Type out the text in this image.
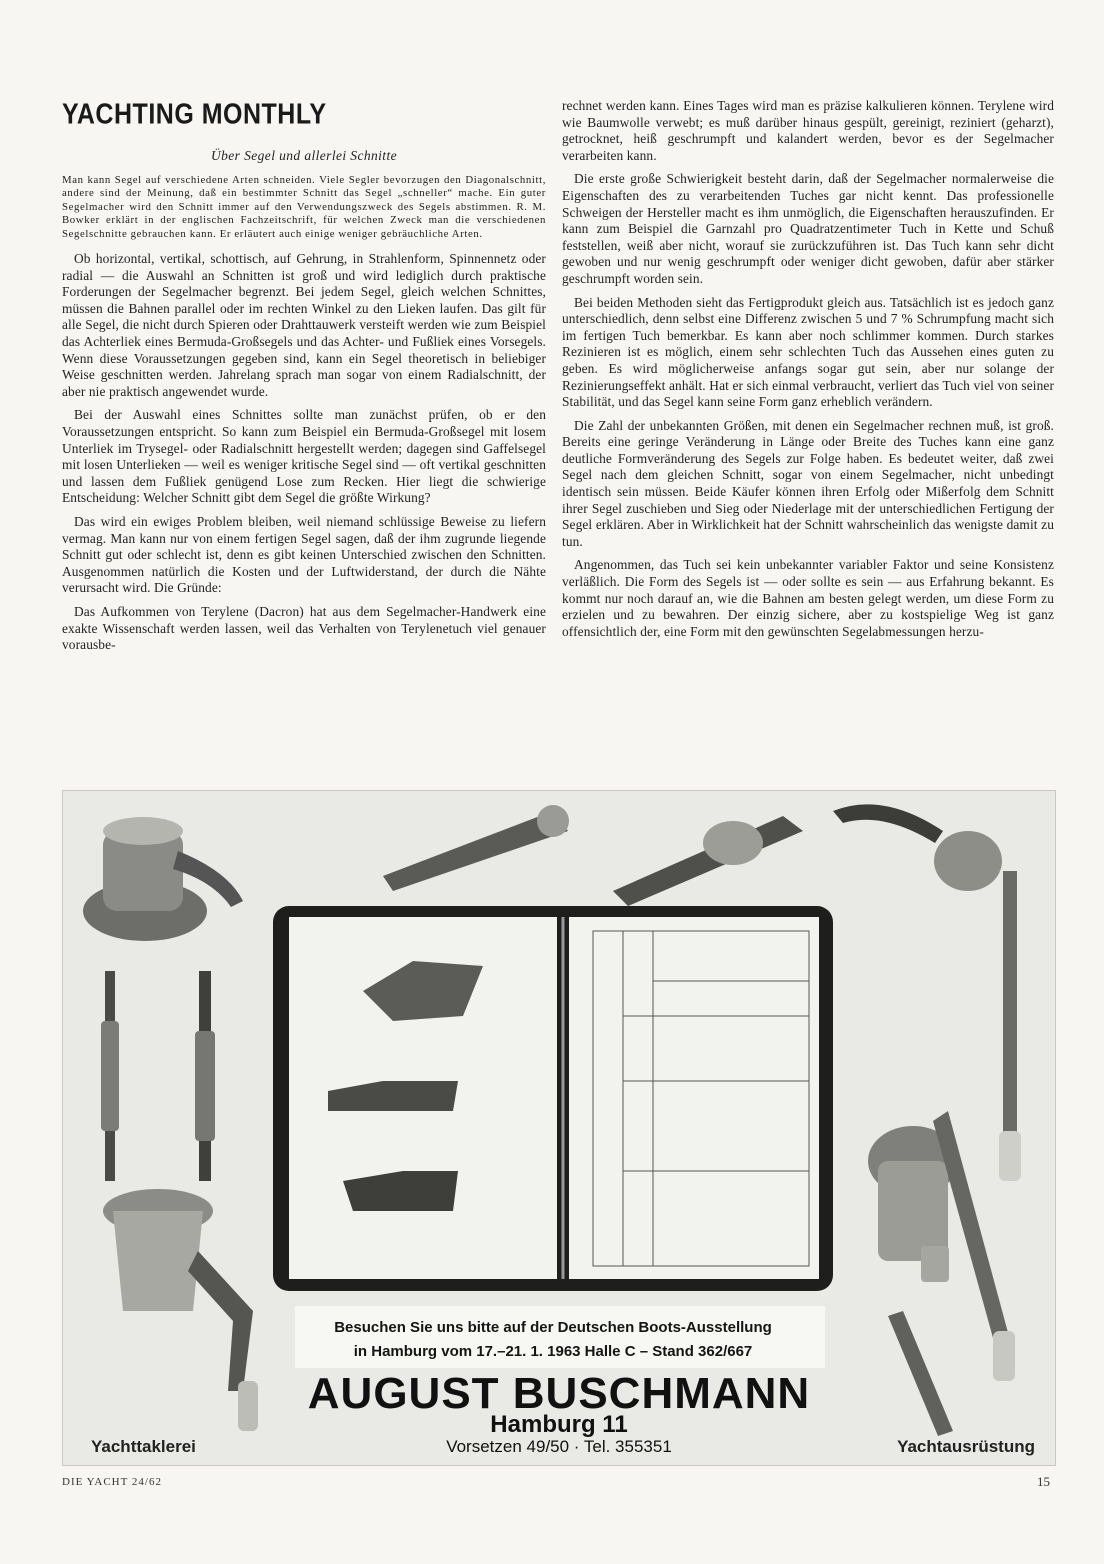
YACHTING MONTHLY
Über Segel und allerlei Schnitte
Man kann Segel auf verschiedene Arten schneiden. Viele Segler bevorzugen den Diagonalschnitt, andere sind der Meinung, daß ein bestimmter Schnitt das Segel „schneller“ mache. Ein guter Segelmacher wird den Schnitt immer auf den Verwendungszweck des Segels abstimmen. R. M. Bowker erklärt in der englischen Fachzeitschrift, für welchen Zweck man die verschiedenen Segelschnitte gebrauchen kann. Er erläutert auch einige weniger gebräuchliche Arten.

Ob horizontal, vertikal, schottisch, auf Gehrung, in Strahlenform, Spinnennetz oder radial — die Auswahl an Schnitten ist groß und wird lediglich durch praktische Forderungen der Segelmacher begrenzt. Bei jedem Segel, gleich welchen Schnittes, müssen die Bahnen parallel oder im rechten Winkel zu den Lieken laufen. Das gilt für alle Segel, die nicht durch Spieren oder Drahttauwerk versteift werden wie zum Beispiel das Achterliek eines Bermuda-Großsegels und das Achter- und Fußliek eines Vorsegels. Wenn diese Voraussetzungen gegeben sind, kann ein Segel theoretisch in beliebiger Weise geschnitten werden. Jahrelang sprach man sogar von einem Radialschnitt, der aber nie praktisch angewendet wurde.

Bei der Auswahl eines Schnittes sollte man zunächst prüfen, ob er den Voraussetzungen entspricht. So kann zum Beispiel ein Bermuda-Großsegel mit losem Unterliek im Trysegel- oder Radialschnitt hergestellt werden; dagegen sind Gaffelsegel mit losen Unterlieken — weil es weniger kritische Segel sind — oft vertikal geschnitten und lassen dem Fußliek genügend Lose zum Recken. Hier liegt die schwierige Entscheidung: Welcher Schnitt gibt dem Segel die größte Wirkung?

Das wird ein ewiges Problem bleiben, weil niemand schlüssige Beweise zu liefern vermag. Man kann nur von einem fertigen Segel sagen, daß der ihm zugrunde liegende Schnitt gut oder schlecht ist, denn es gibt keinen Unterschied zwischen den Schnitten. Ausgenommen natürlich die Kosten und der Luftwiderstand, der durch die Nähte verursacht wird. Die Gründe:

Das Aufkommen von Terylene (Dacron) hat aus dem Segelmacher-Handwerk eine exakte Wissenschaft werden lassen, weil das Verhalten von Terylenetuch viel genauer vorausbe-

rechnet werden kann. Eines Tages wird man es präzise kalkulieren können. Terylene wird wie Baumwolle verwebt; es muß darüber hinaus gespült, gereinigt, reziniert (geharzt), getrocknet, heiß geschrumpft und kalandert werden, bevor es der Segelmacher verarbeiten kann.

Die erste große Schwierigkeit besteht darin, daß der Segelmacher normalerweise die Eigenschaften des zu verarbeitenden Tuches gar nicht kennt. Das professionelle Schweigen der Hersteller macht es ihm unmöglich, die Eigenschaften herauszufinden. Er kann zum Beispiel die Garnzahl pro Quadratzentimeter Tuch in Kette und Schuß feststellen, weiß aber nicht, worauf sie zurückzuführen ist. Das Tuch kann sehr dicht gewoben und nur wenig geschrumpft oder weniger dicht gewoben, dafür aber stärker geschrumpft worden sein.

Bei beiden Methoden sieht das Fertigprodukt gleich aus. Tatsächlich ist es jedoch ganz unterschiedlich, denn selbst eine Differenz zwischen 5 und 7 % Schrumpfung macht sich im fertigen Tuch bemerkbar. Es kann aber noch schlimmer kommen. Durch starkes Rezinieren ist es möglich, einem sehr schlechten Tuch das Aussehen eines guten zu geben. Es wird möglicherweise anfangs sogar gut sein, aber nur solange der Rezinierungseffekt anhält. Hat er sich einmal verbraucht, verliert das Tuch viel von seiner Stabilität, und das Segel kann seine Form ganz erheblich verändern.

Die Zahl der unbekannten Größen, mit denen ein Segelmacher rechnen muß, ist groß. Bereits eine geringe Veränderung in Länge oder Breite des Tuches kann eine ganz deutliche Formveränderung des Segels zur Folge haben. Es bedeutet weiter, daß zwei Segel nach dem gleichen Schnitt, sogar von einem Segelmacher, nicht unbedingt identisch sein müssen. Beide Käufer können ihren Erfolg oder Mißerfolg dem Schnitt ihrer Segel zuschieben und Sieg oder Niederlage mit der unterschiedlichen Fertigung der Segel erklären. Aber in Wirklichkeit hat der Schnitt wahrscheinlich das wenigste damit zu tun.

Angenommen, das Tuch sei kein unbekannter variabler Faktor und seine Konsistenz verläßlich. Die Form des Segels ist — oder sollte es sein — aus Erfahrung bekannt. Es kommt nur noch darauf an, wie die Bahnen am besten gelegt werden, um diese Form zu erzielen und zu bewahren. Der einzig sichere, aber zu kostspielige Weg ist ganz offensichtlich der, eine Form mit den gewünschten Segelabmessungen herzu-

Besuchen Sie uns bitte auf der Deutschen Boots-Ausstellung
in Hamburg vom 17.–21. 1. 1963 Halle C – Stand 362/667
AUGUST BUSCHMANN
Hamburg 11
Vorsetzen 49/50 · Tel. 355351
Yachttaklerei	Yachtausrüstung
DIE YACHT 24/62	15
